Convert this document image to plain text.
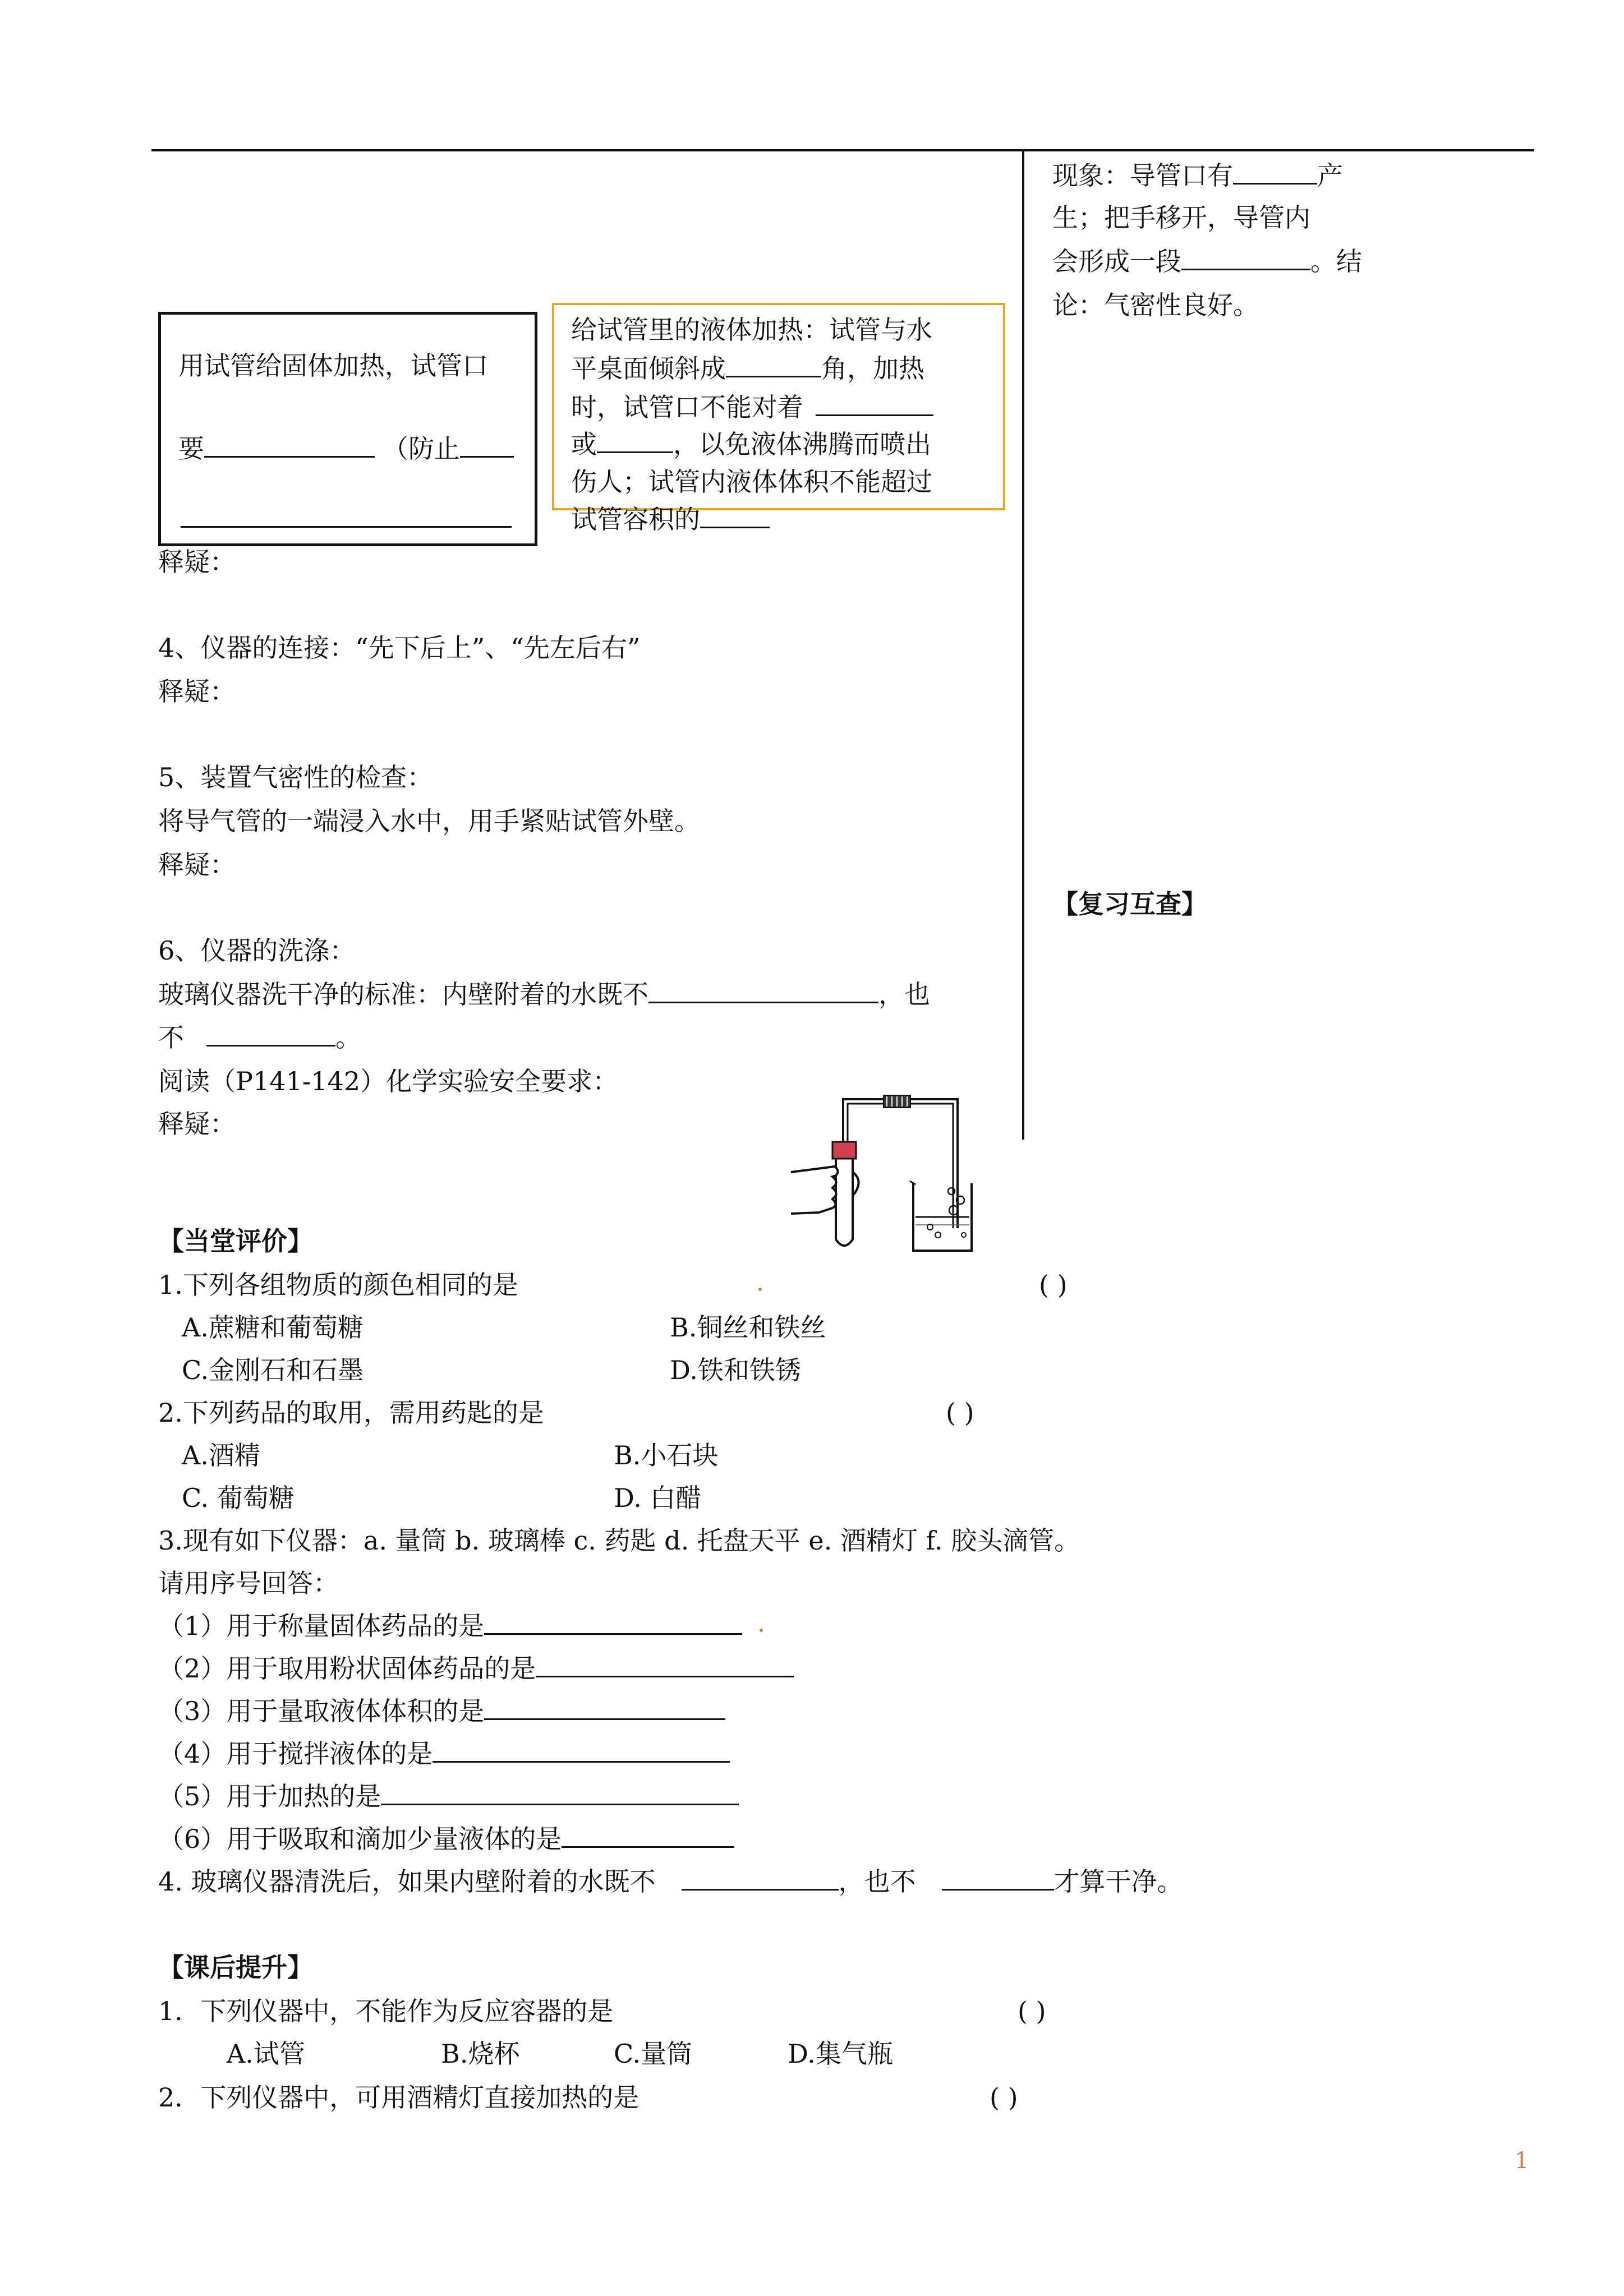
现象：导管口有	产
生；把手移开，导管内
会形成一段	。结
论：气密性良好。
【复习互查】
用试管给固体加热，试管口
要	（防止
给试管里的液体加热：试管与水
平桌面倾斜成	角，加热
时，试管口不能对着
或	，以免液体沸腾而喷出
伤人；试管内液体体积不能超过
试管容积的
释疑：
4、仪器的连接：“先下后上”、“先左后右”
释疑：
5、装置气密性的检查：
将导气管的一端浸入水中，用手紧贴试管外壁。
释疑：
6、仪器的洗涤：
玻璃仪器洗干净的标准：内壁附着的水既不	，也
不	。
阅读（P141-142）化学实验安全要求：
释疑：
【当堂评价】
1.下列各组物质的颜色相同的是	( )
A.蔗糖和葡萄糖	B.铜丝和铁丝
C.金刚石和石墨	D.铁和铁锈
2.下列药品的取用，需用药匙的是	( )
A.酒精	B.小石块
C. 葡萄糖	D. 白醋
3.现有如下仪器：a. 量筒 b. 玻璃棒 c. 药匙 d. 托盘天平 e. 酒精灯 f. 胶头滴管。
请用序号回答：
（1）用于称量固体药品的是
（2）用于取用粉状固体药品的是
（3）用于量取液体体积的是
（4）用于搅拌液体的是
（5）用于加热的是
（6）用于吸取和滴加少量液体的是
4. 玻璃仪器清洗后，如果内壁附着的水既不	，也不	才算干净。
【课后提升】
1．下列仪器中，不能作为反应容器的是	( )
A.试管	B.烧杯	C.量筒	D.集气瓶
2．下列仪器中，可用酒精灯直接加热的是	( )
1
